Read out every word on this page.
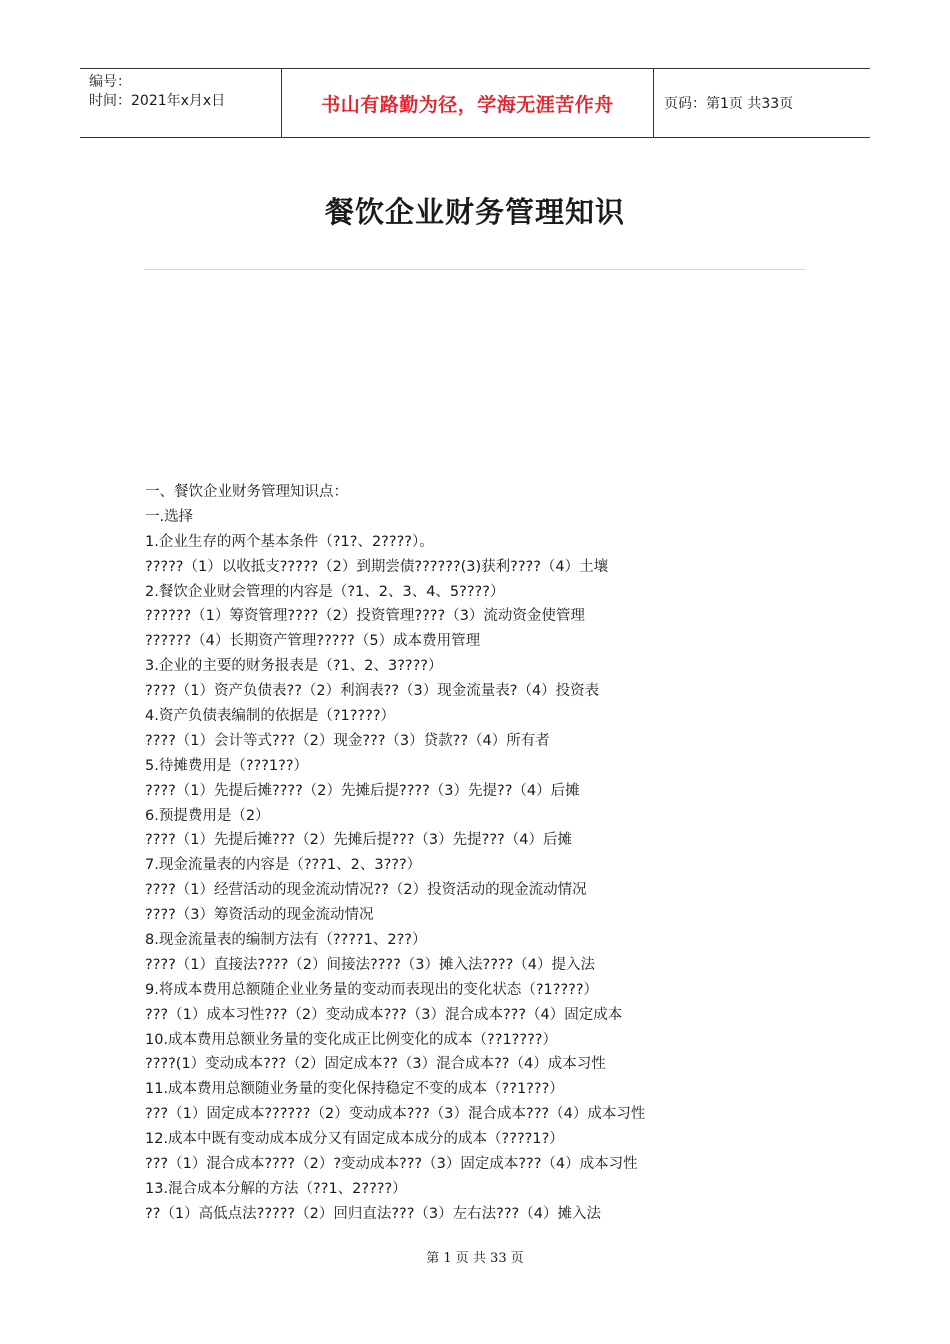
编号：
时间：2021年x月x日	书山有路勤为径，学海无涯苦作舟	页码：第1页 共33页
餐饮企业财务管理知识
一、餐饮企业财务管理知识点：
一.选择
1.企业生存的两个基本条件（?1?、2????）。
?????（1）以收抵支?????（2）到期尝债??????(3)获利????（4）土壤
2.餐饮企业财会管理的内容是（?1、2、3、4、5????）
??????（1）筹资管理????（2）投资管理????（3）流动资金使管理
??????（4）长期资产管理?????（5）成本费用管理
3.企业的主要的财务报表是（?1、2、3????）
????（1）资产负债表??（2）利润表??（3）现金流量表?（4）投资表
4.资产负债表编制的依据是（?1????）
????（1）会计等式???（2）现金???（3）贷款??（4）所有者
5.待摊费用是（???1??）
????（1）先提后摊????（2）先摊后提????（3）先提??（4）后摊
6.预提费用是（2）
????（1）先提后摊???（2）先摊后提???（3）先提???（4）后摊
7.现金流量表的内容是（???1、2、3???）
????（1）经营活动的现金流动情况??（2）投资活动的现金流动情况
????（3）筹资活动的现金流动情况
8.现金流量表的编制方法有（????1、2??）
????（1）直接法????（2）间接法????（3）摊入法????（4）提入法
9.将成本费用总额随企业业务量的变动而表现出的变化状态（?1????）
???（1）成本习性???（2）变动成本???（3）混合成本???（4）固定成本
10.成本费用总额业务量的变化成正比例变化的成本（??1????）
????(1）变动成本???（2）固定成本??（3）混合成本??（4）成本习性
11.成本费用总额随业务量的变化保持稳定不变的成本（??1???）
???（1）固定成本??????（2）变动成本???（3）混合成本???（4）成本习性
12.成本中既有变动成本成分又有固定成本成分的成本（????1?）
???（1）混合成本????（2）?变动成本???（3）固定成本???（4）成本习性
13.混合成本分解的方法（??1、2????）
??（1）高低点法?????（2）回归直法???（3）左右法???（4）摊入法
第 1 页 共 33 页
